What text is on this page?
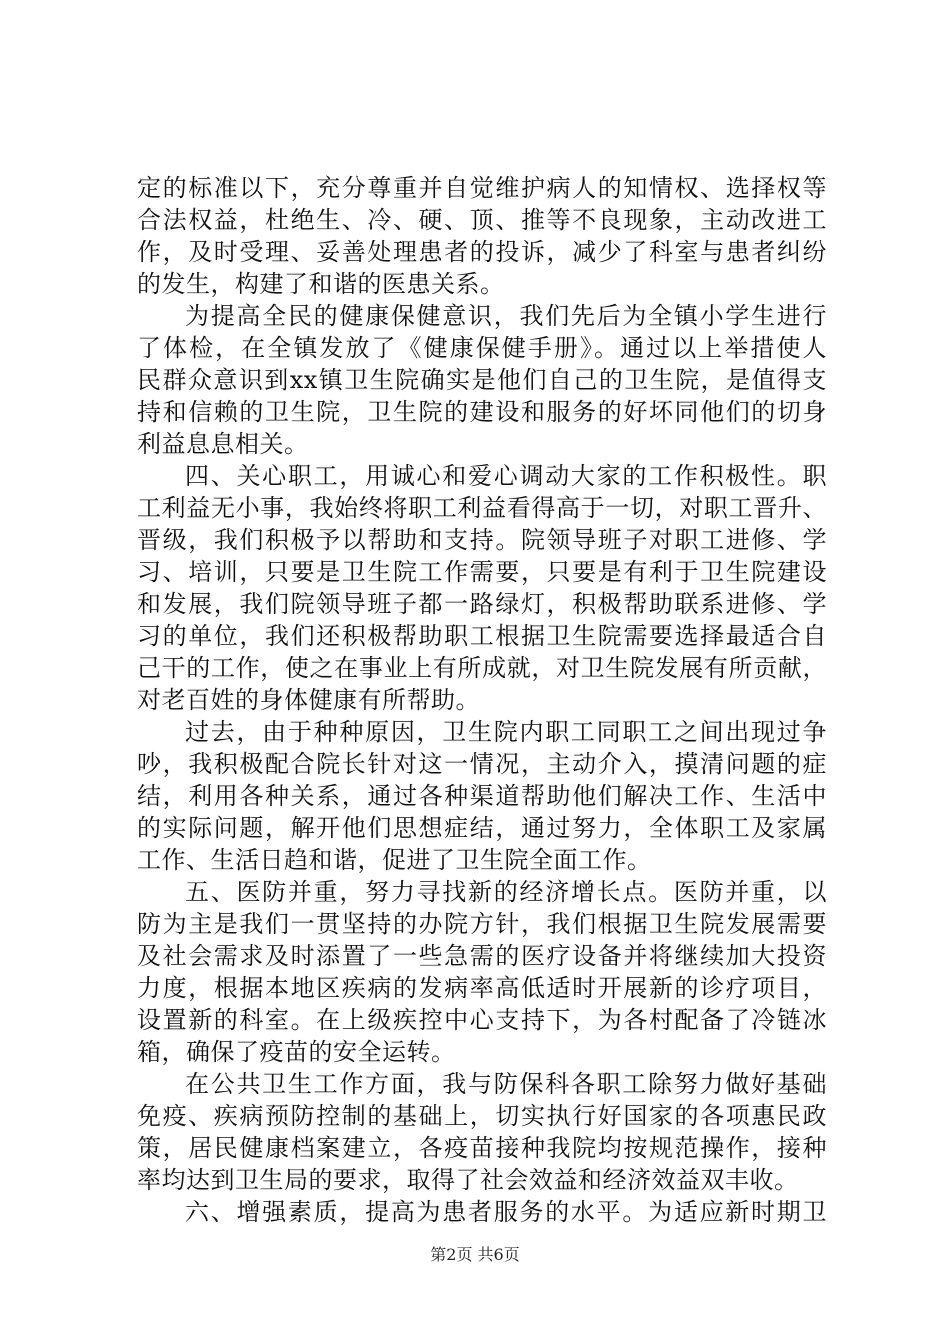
定的标准以下，充分尊重并自觉维护病人的知情权、选择权等
合法权益，杜绝生、冷、硬、顶、推等不良现象，主动改进工
作，及时受理、妥善处理患者的投诉，减少了科室与患者纠纷
的发生，构建了和谐的医患关系。
为提高全民的健康保健意识，我们先后为全镇小学生进行
了体检，在全镇发放了《健康保健手册》。通过以上举措使人
民群众意识到xx镇卫生院确实是他们自己的卫生院，是值得支
持和信赖的卫生院，卫生院的建设和服务的好坏同他们的切身
利益息息相关。
四、关心职工，用诚心和爱心调动大家的工作积极性。职
工利益无小事，我始终将职工利益看得高于一切，对职工晋升、
晋级，我们积极予以帮助和支持。院领导班子对职工进修、学
习、培训，只要是卫生院工作需要，只要是有利于卫生院建设
和发展，我们院领导班子都一路绿灯，积极帮助联系进修、学
习的单位，我们还积极帮助职工根据卫生院需要选择最适合自
己干的工作，使之在事业上有所成就，对卫生院发展有所贡献，
对老百姓的身体健康有所帮助。
过去，由于种种原因，卫生院内职工同职工之间出现过争
吵，我积极配合院长针对这一情况，主动介入，摸清问题的症
结，利用各种关系，通过各种渠道帮助他们解决工作、生活中
的实际问题，解开他们思想症结，通过努力，全体职工及家属
工作、生活日趋和谐，促进了卫生院全面工作。
五、医防并重，努力寻找新的经济增长点。医防并重，以
防为主是我们一贯坚持的办院方针，我们根据卫生院发展需要
及社会需求及时添置了一些急需的医疗设备并将继续加大投资
力度，根据本地区疾病的发病率高低适时开展新的诊疗项目，
设置新的科室。在上级疾控中心支持下，为各村配备了冷链冰
箱，确保了疫苗的安全运转。
在公共卫生工作方面，我与防保科各职工除努力做好基础
免疫、疾病预防控制的基础上，切实执行好国家的各项惠民政
策，居民健康档案建立，各疫苗接种我院均按规范操作，接种
率均达到卫生局的要求，取得了社会效益和经济效益双丰收。
六、增强素质，提高为患者服务的水平。为适应新时期卫
第2页 共6页
